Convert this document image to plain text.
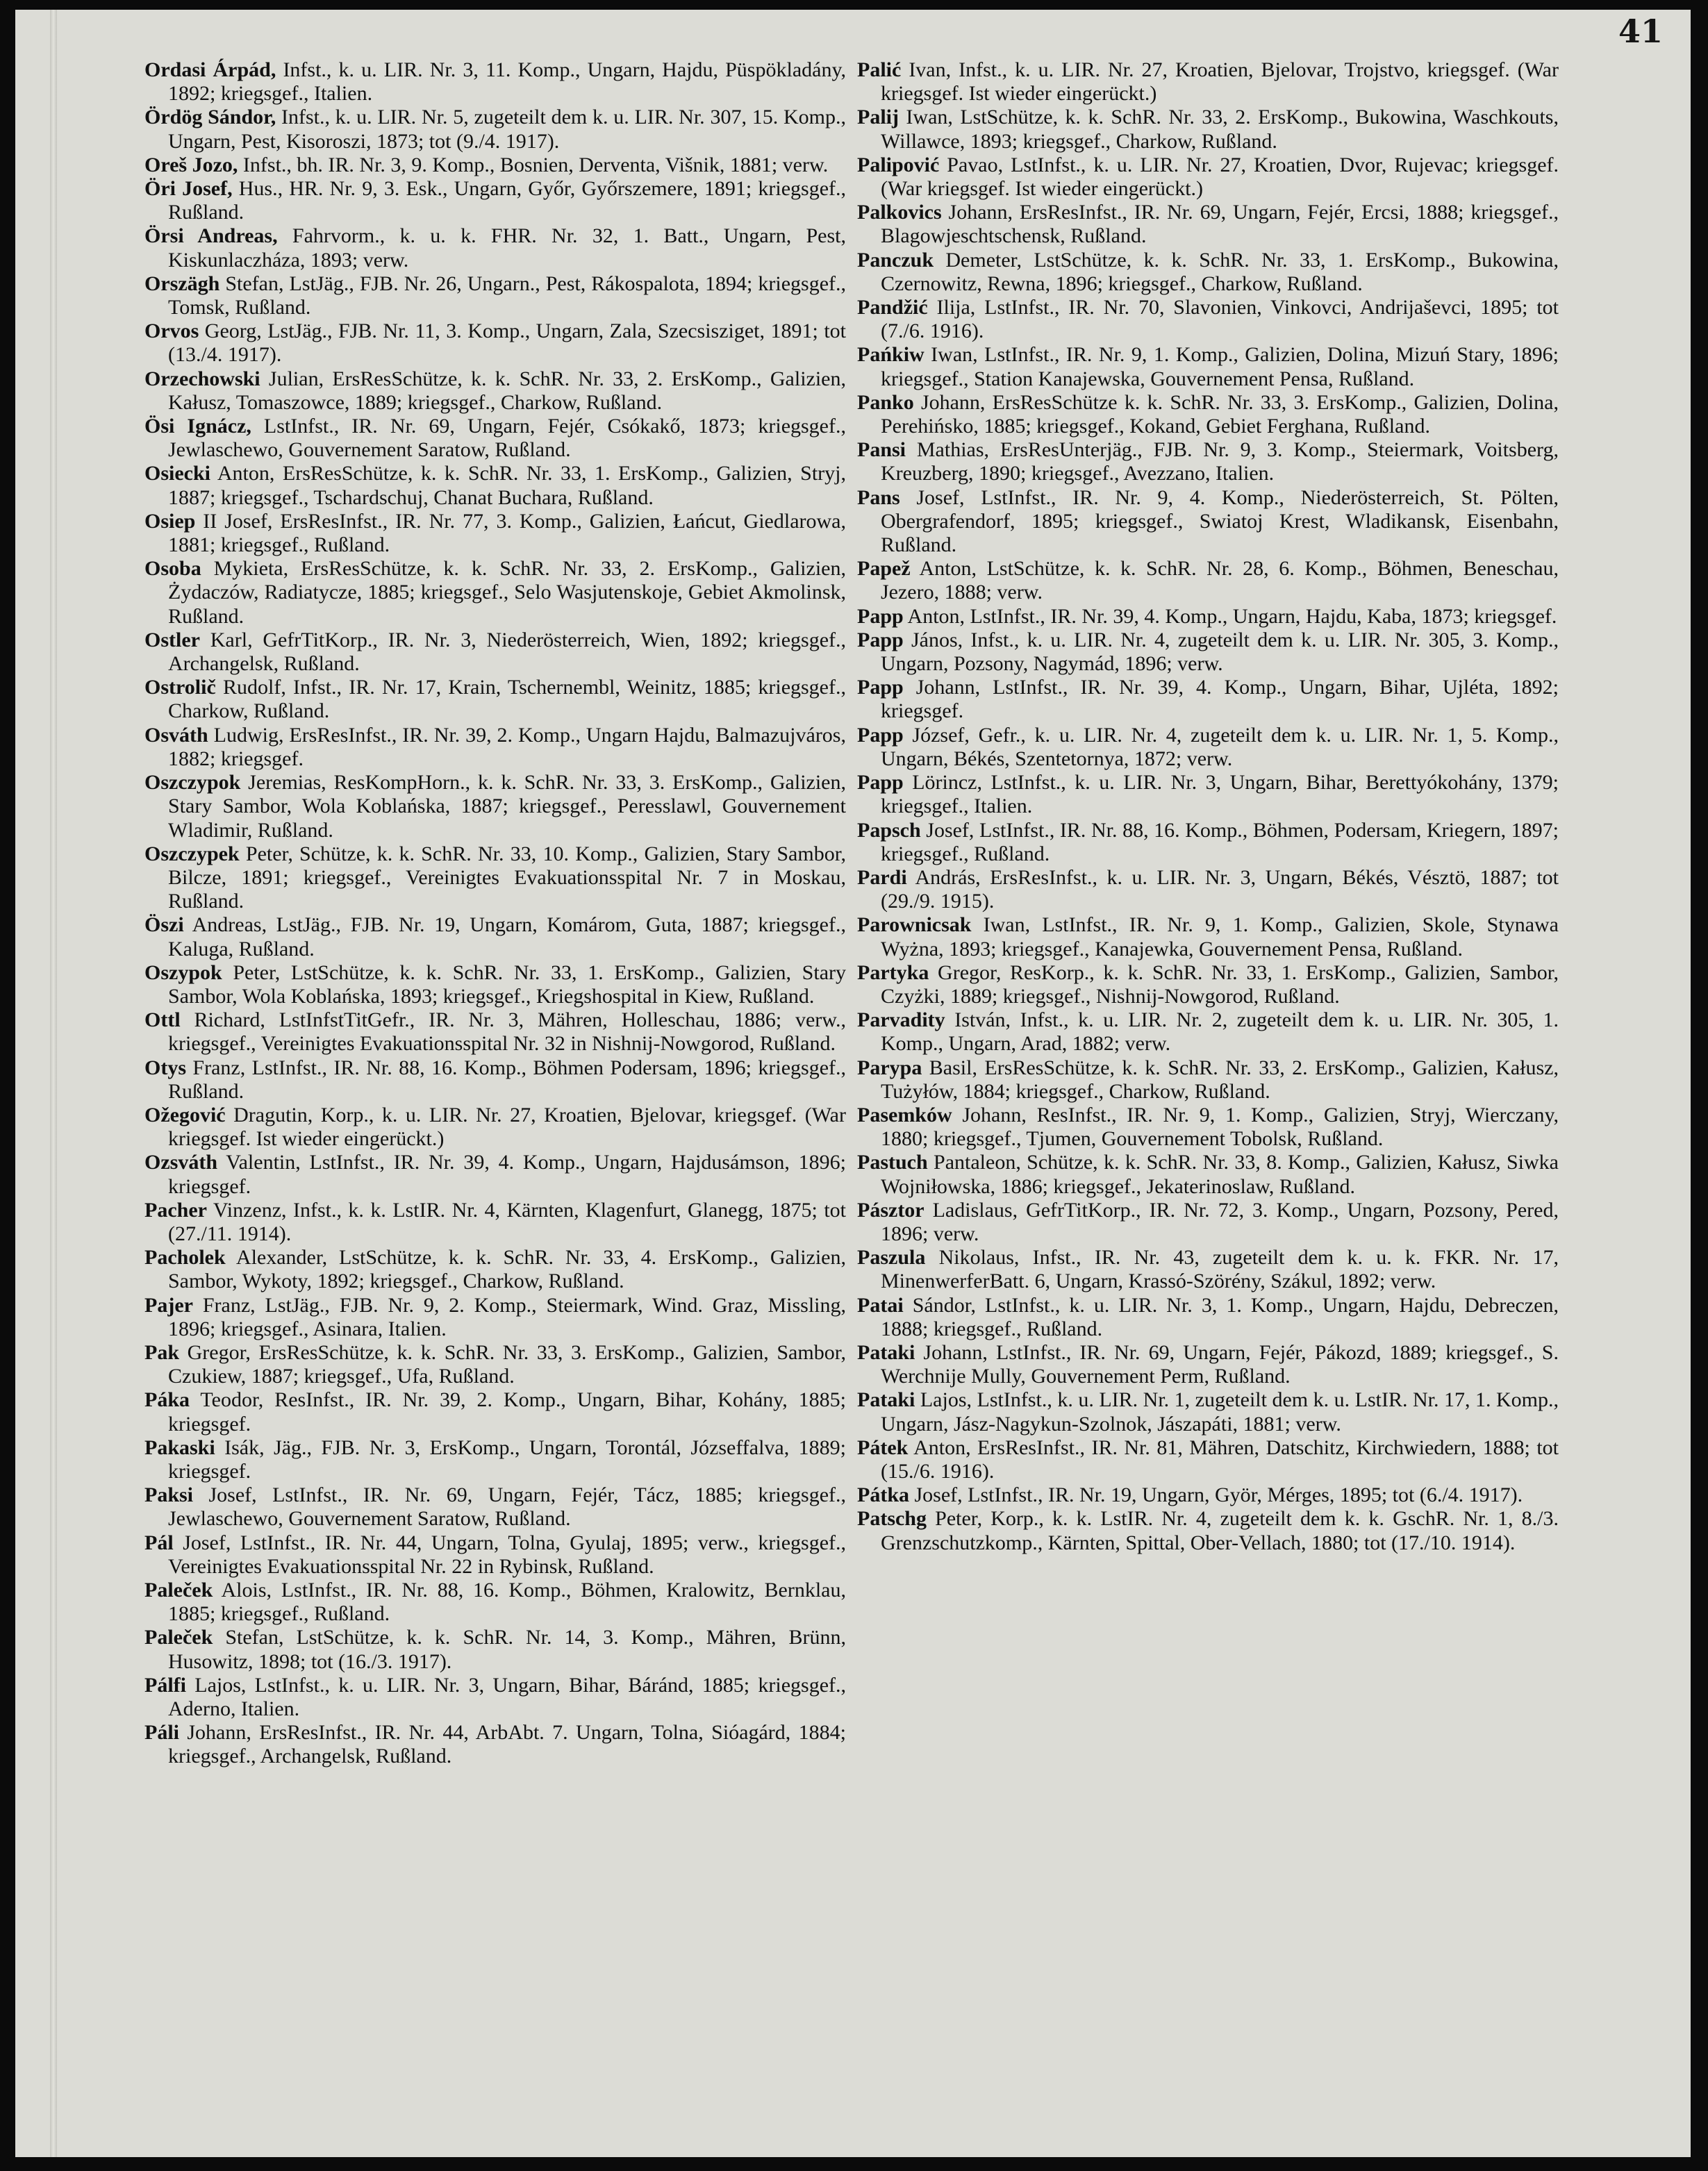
41

Ordasi Árpád, Infst., k. u. LIR. Nr. 3, 11. Komp., Ungarn, Hajdu, Püspökladány, 1892; kriegsgef., Italien.

Ördög Sándor, Infst., k. u. LIR. Nr. 5, zugeteilt dem k. u. LIR. Nr. 307, 15. Komp., Ungarn, Pest, Kisoroszi, 1873; tot (9./4. 1917).

Oreš Jozo, Infst., bh. IR. Nr. 3, 9. Komp., Bosnien, Derventa, Višnik, 1881; verw.

Öri Josef, Hus., HR. Nr. 9, 3. Esk., Ungarn, Győr, Győrszemere, 1891; kriegsgef., Rußland.

Örsi Andreas, Fahrvorm., k. u. k. FHR. Nr. 32, 1. Batt., Ungarn, Pest, Kiskunlaczháza, 1893; verw.

Orszägh Stefan, LstJäg., FJB. Nr. 26, Ungarn., Pest, Rákospalota, 1894; kriegsgef., Tomsk, Rußland.

Orvos Georg, LstJäg., FJB. Nr. 11, 3. Komp., Ungarn, Zala, Szecsisziget, 1891; tot (13./4. 1917).

Orzechowski Julian, ErsResSchütze, k. k. SchR. Nr. 33, 2. ErsKomp., Galizien, Kałusz, Tomaszowce, 1889; kriegsgef., Charkow, Rußland.

Ösi Ignácz, LstInfst., IR. Nr. 69, Ungarn, Fejér, Csókakő, 1873; kriegsgef., Jewlaschewo, Gouvernement Saratow, Rußland.

Osiecki Anton, ErsResSchütze, k. k. SchR. Nr. 33, 1. ErsKomp., Galizien, Stryj, 1887; kriegsgef., Tschardschuj, Chanat Buchara, Rußland.

Osiep II Josef, ErsResInfst., IR. Nr. 77, 3. Komp., Galizien, Łańcut, Giedlarowa, 1881; kriegsgef., Rußland.

Osoba Mykieta, ErsResSchütze, k. k. SchR. Nr. 33, 2. ErsKomp., Galizien, Żydaczów, Radiatycze, 1885; kriegsgef., Selo Wasjutenskoje, Gebiet Akmolinsk, Rußland.

Ostler Karl, GefrTitKorp., IR. Nr. 3, Niederösterreich, Wien, 1892; kriegsgef., Archangelsk, Rußland.

Ostrolič Rudolf, Infst., IR. Nr. 17, Krain, Tschernembl, Weinitz, 1885; kriegsgef., Charkow, Rußland.

Osváth Ludwig, ErsResInfst., IR. Nr. 39, 2. Komp., Ungarn Hajdu, Balmazujváros, 1882; kriegsgef.

Oszczypok Jeremias, ResKompHorn., k. k. SchR. Nr. 33, 3. ErsKomp., Galizien, Stary Sambor, Wola Koblańska, 1887; kriegsgef., Peresslawl, Gouvernement Wladimir, Rußland.

Oszczypek Peter, Schütze, k. k. SchR. Nr. 33, 10. Komp., Galizien, Stary Sambor, Bilcze, 1891; kriegsgef., Vereinigtes Evakuationsspital Nr. 7 in Moskau, Rußland.

Öszi Andreas, LstJäg., FJB. Nr. 19, Ungarn, Komárom, Guta, 1887; kriegsgef., Kaluga, Rußland.

Oszypok Peter, LstSchütze, k. k. SchR. Nr. 33, 1. ErsKomp., Galizien, Stary Sambor, Wola Koblańska, 1893; kriegsgef., Kriegshospital in Kiew, Rußland.

Ottl Richard, LstInfstTitGefr., IR. Nr. 3, Mähren, Holleschau, 1886; verw., kriegsgef., Vereinigtes Evakuationsspital Nr. 32 in Nishnij-Nowgorod, Rußland.

Otys Franz, LstInfst., IR. Nr. 88, 16. Komp., Böhmen Podersam, 1896; kriegsgef., Rußland.

Ožegović Dragutin, Korp., k. u. LIR. Nr. 27, Kroatien, Bjelovar, kriegsgef. (War kriegsgef. Ist wieder eingerückt.)

Ozsváth Valentin, LstInfst., IR. Nr. 39, 4. Komp., Ungarn, Hajdusámson, 1896; kriegsgef.

Pacher Vinzenz, Infst., k. k. LstIR. Nr. 4, Kärnten, Klagenfurt, Glanegg, 1875; tot (27./11. 1914).

Pacholek Alexander, LstSchütze, k. k. SchR. Nr. 33, 4. ErsKomp., Galizien, Sambor, Wykoty, 1892; kriegsgef., Charkow, Rußland.

Pajer Franz, LstJäg., FJB. Nr. 9, 2. Komp., Steiermark, Wind. Graz, Missling, 1896; kriegsgef., Asinara, Italien.

Pak Gregor, ErsResSchütze, k. k. SchR. Nr. 33, 3. ErsKomp., Galizien, Sambor, Czukiew, 1887; kriegsgef., Ufa, Rußland.

Páka Teodor, ResInfst., IR. Nr. 39, 2. Komp., Ungarn, Bihar, Kohány, 1885; kriegsgef.

Pakaski Isák, Jäg., FJB. Nr. 3, ErsKomp., Ungarn, Torontál, Józseffalva, 1889; kriegsgef.

Paksi Josef, LstInfst., IR. Nr. 69, Ungarn, Fejér, Tácz, 1885; kriegsgef., Jewlaschewo, Gouvernement Saratow, Rußland.

Pál Josef, LstInfst., IR. Nr. 44, Ungarn, Tolna, Gyulaj, 1895; verw., kriegsgef., Vereinigtes Evakuationsspital Nr. 22 in Rybinsk, Rußland.

Paleček Alois, LstInfst., IR. Nr. 88, 16. Komp., Böhmen, Kralowitz, Bernklau, 1885; kriegsgef., Rußland.

Paleček Stefan, LstSchütze, k. k. SchR. Nr. 14, 3. Komp., Mähren, Brünn, Husowitz, 1898; tot (16./3. 1917).

Pálfi Lajos, LstInfst., k. u. LIR. Nr. 3, Ungarn, Bihar, Báránd, 1885; kriegsgef., Aderno, Italien.

Páli Johann, ErsResInfst., IR. Nr. 44, ArbAbt. 7. Ungarn, Tolna, Sióagárd, 1884; kriegsgef., Archangelsk, Rußland.

Palić Ivan, Infst., k. u. LIR. Nr. 27, Kroatien, Bjelovar, Trojstvo, kriegsgef. (War kriegsgef. Ist wieder eingerückt.)

Palij Iwan, LstSchütze, k. k. SchR. Nr. 33, 2. ErsKomp., Bukowina, Waschkouts, Willawce, 1893; kriegsgef., Charkow, Rußland.

Palipović Pavao, LstInfst., k. u. LIR. Nr. 27, Kroatien, Dvor, Rujevac; kriegsgef. (War kriegsgef. Ist wieder eingerückt.)

Palkovics Johann, ErsResInfst., IR. Nr. 69, Ungarn, Fejér, Ercsi, 1888; kriegsgef., Blagowjeschtschensk, Rußland.

Panczuk Demeter, LstSchütze, k. k. SchR. Nr. 33, 1. ErsKomp., Bukowina, Czernowitz, Rewna, 1896; kriegsgef., Charkow, Rußland.

Pandžić Ilija, LstInfst., IR. Nr. 70, Slavonien, Vinkovci, Andrijaševci, 1895; tot (7./6. 1916).

Pańkiw Iwan, LstInfst., IR. Nr. 9, 1. Komp., Galizien, Dolina, Mizuń Stary, 1896; kriegsgef., Station Kanajewska, Gouvernement Pensa, Rußland.

Panko Johann, ErsResSchütze k. k. SchR. Nr. 33, 3. ErsKomp., Galizien, Dolina, Perehińsko, 1885; kriegsgef., Kokand, Gebiet Ferghana, Rußland.

Pansi Mathias, ErsResUnterjäg., FJB. Nr. 9, 3. Komp., Steiermark, Voitsberg, Kreuzberg, 1890; kriegsgef., Avezzano, Italien.

Pans Josef, LstInfst., IR. Nr. 9, 4. Komp., Niederösterreich, St. Pölten, Obergrafendorf, 1895; kriegsgef., Swiatoj Krest, Wladikansk, Eisenbahn, Rußland.

Papež Anton, LstSchütze, k. k. SchR. Nr. 28, 6. Komp., Böhmen, Beneschau, Jezero, 1888; verw.

Papp Anton, LstInfst., IR. Nr. 39, 4. Komp., Ungarn, Hajdu, Kaba, 1873; kriegsgef.

Papp János, Infst., k. u. LIR. Nr. 4, zugeteilt dem k. u. LIR. Nr. 305, 3. Komp., Ungarn, Pozsony, Nagymád, 1896; verw.

Papp Johann, LstInfst., IR. Nr. 39, 4. Komp., Ungarn, Bihar, Ujléta, 1892; kriegsgef.

Papp József, Gefr., k. u. LIR. Nr. 4, zugeteilt dem k. u. LIR. Nr. 1, 5. Komp., Ungarn, Békés, Szentetornya, 1872; verw.

Papp Lörincz, LstInfst., k. u. LIR. Nr. 3, Ungarn, Bihar, Berettyókohány, 1379; kriegsgef., Italien.

Papsch Josef, LstInfst., IR. Nr. 88, 16. Komp., Böhmen, Podersam, Kriegern, 1897; kriegsgef., Rußland.

Pardi András, ErsResInfst., k. u. LIR. Nr. 3, Ungarn, Békés, Vésztö, 1887; tot (29./9. 1915).

Parownicsak Iwan, LstInfst., IR. Nr. 9, 1. Komp., Galizien, Skole, Stynawa Wyżna, 1893; kriegsgef., Kanajewka, Gouvernement Pensa, Rußland.

Partyka Gregor, ResKorp., k. k. SchR. Nr. 33, 1. ErsKomp., Galizien, Sambor, Czyżki, 1889; kriegsgef., Nishnij-Nowgorod, Rußland.

Parvadity István, Infst., k. u. LIR. Nr. 2, zugeteilt dem k. u. LIR. Nr. 305, 1. Komp., Ungarn, Arad, 1882; verw.

Parypa Basil, ErsResSchütze, k. k. SchR. Nr. 33, 2. ErsKomp., Galizien, Kałusz, Tużyłów, 1884; kriegsgef., Charkow, Rußland.

Pasemków Johann, ResInfst., IR. Nr. 9, 1. Komp., Galizien, Stryj, Wierczany, 1880; kriegsgef., Tjumen, Gouvernement Tobolsk, Rußland.

Pastuch Pantaleon, Schütze, k. k. SchR. Nr. 33, 8. Komp., Galizien, Kałusz, Siwka Wojniłowska, 1886; kriegsgef., Jekaterinoslaw, Rußland.

Pásztor Ladislaus, GefrTitKorp., IR. Nr. 72, 3. Komp., Ungarn, Pozsony, Pered, 1896; verw.

Paszula Nikolaus, Infst., IR. Nr. 43, zugeteilt dem k. u. k. FKR. Nr. 17, MinenwerferBatt. 6, Ungarn, Krassó-Szörény, Szákul, 1892; verw.

Patai Sándor, LstInfst., k. u. LIR. Nr. 3, 1. Komp., Ungarn, Hajdu, Debreczen, 1888; kriegsgef., Rußland.

Pataki Johann, LstInfst., IR. Nr. 69, Ungarn, Fejér, Pákozd, 1889; kriegsgef., S. Werchnije Mully, Gouvernement Perm, Rußland.

Pataki Lajos, LstInfst., k. u. LIR. Nr. 1, zugeteilt dem k. u. LstIR. Nr. 17, 1. Komp., Ungarn, Jász-Nagykun-Szolnok, Jászapáti, 1881; verw.

Pátek Anton, ErsResInfst., IR. Nr. 81, Mähren, Datschitz, Kirchwiedern, 1888; tot (15./6. 1916).

Pátka Josef, LstInfst., IR. Nr. 19, Ungarn, Györ, Mérges, 1895; tot (6./4. 1917).

Patschg Peter, Korp., k. k. LstIR. Nr. 4, zugeteilt dem k. k. GschR. Nr. 1, 8./3. Grenzschutzkomp., Kärnten, Spittal, Ober-Vellach, 1880; tot (17./10. 1914).
